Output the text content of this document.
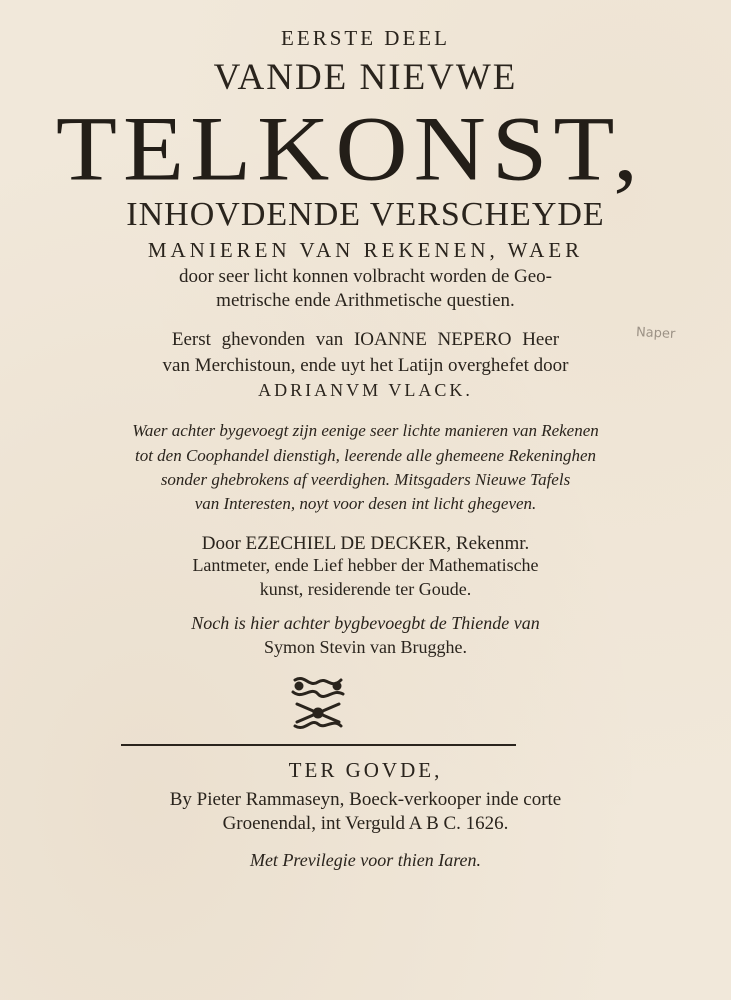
EERSTE DEEL
VANDE NIEVWE
TELKONST,
INHOVDENDE VERSCHEYDE
MANIEREN VAN REKENEN, WAER
door seer licht konnen volbracht worden de Geo-
metrische ende Arithmetische questien.
Eerst ghevonden van IOANNE NEPERO Heer
van Merchistoun, ende uyt het Latijn overghefet door
ADRIANVM VLACK.
Waer achter bygevoegt zijn eenige seer lichte manieren van Rekenen
tot den Coophandel dienstigh, leerende alle ghemeene Rekeninghen
sonder ghebrokens af veerdighen. Mitsgaders Nieuwe Tafels
van Interesten, noyt voor desen int licht ghegeven.
Door EZECHIEL DE DECKER, Rekenmr.
Lantmeter, ende Lief hebber der Mathematische
kunst, residerende ter Goude.
Noch is hier achter bygbevoegbt de Thiende van
Symon Stevin van Brugghe.
TER GOVDE,
By Pieter Rammaseyn, Boeck-verkooper inde corte
Groenendal, int Verguld A B C. 1626.
Met Previlegie voor thien Iaren.
Naper
